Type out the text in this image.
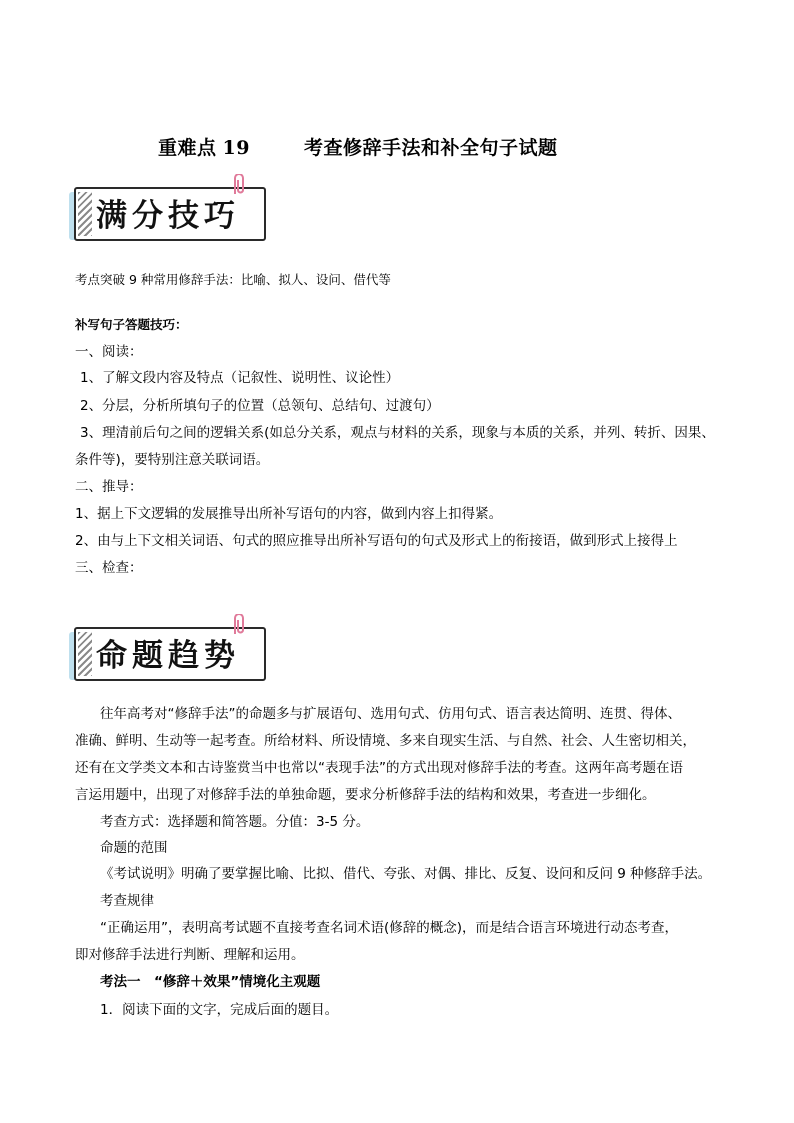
重难点 19	考查修辞手法和补全句子试题
满分技巧
考点突破 9 种常用修辞手法：比喻、拟人、设问、借代等
补写句子答题技巧：
一、阅读：
1、了解文段内容及特点（记叙性、说明性、议论性）
2、分层，分析所填句子的位置（总领句、总结句、过渡句）
3、理清前后句之间的逻辑关系(如总分关系，观点与材料的关系，现象与本质的关系，并列、转折、因果、
条件等)，要特别注意关联词语。
二、推导：
1、据上下文逻辑的发展推导出所补写语句的内容，做到内容上扣得紧。
2、由与上下文相关词语、句式的照应推导出所补写语句的句式及形式上的衔接语，做到形式上接得上
三、检查：
命题趋势
往年高考对“修辞手法”的命题多与扩展语句、选用句式、仿用句式、语言表达简明、连贯、得体、
准确、鲜明、生动等一起考查。所给材料、所设情境、多来自现实生活、与自然、社会、人生密切相关，
还有在文学类文本和古诗鉴赏当中也常以“表现手法”的方式出现对修辞手法的考查。这两年高考题在语
言运用题中，出现了对修辞手法的单独命题，要求分析修辞手法的结构和效果，考查进一步细化。
考查方式：选择题和简答题。分值：3-5 分。
命题的范围
《考试说明》明确了要掌握比喻、比拟、借代、夸张、对偶、排比、反复、设问和反问 9 种修辞手法。
考查规律
“正确运用”，表明高考试题不直接考查名词术语(修辞的概念)，而是结合语言环境进行动态考查，
即对修辞手法进行判断、理解和运用。
考法一　“修辞＋效果”情境化主观题
1．阅读下面的文字，完成后面的题目。
